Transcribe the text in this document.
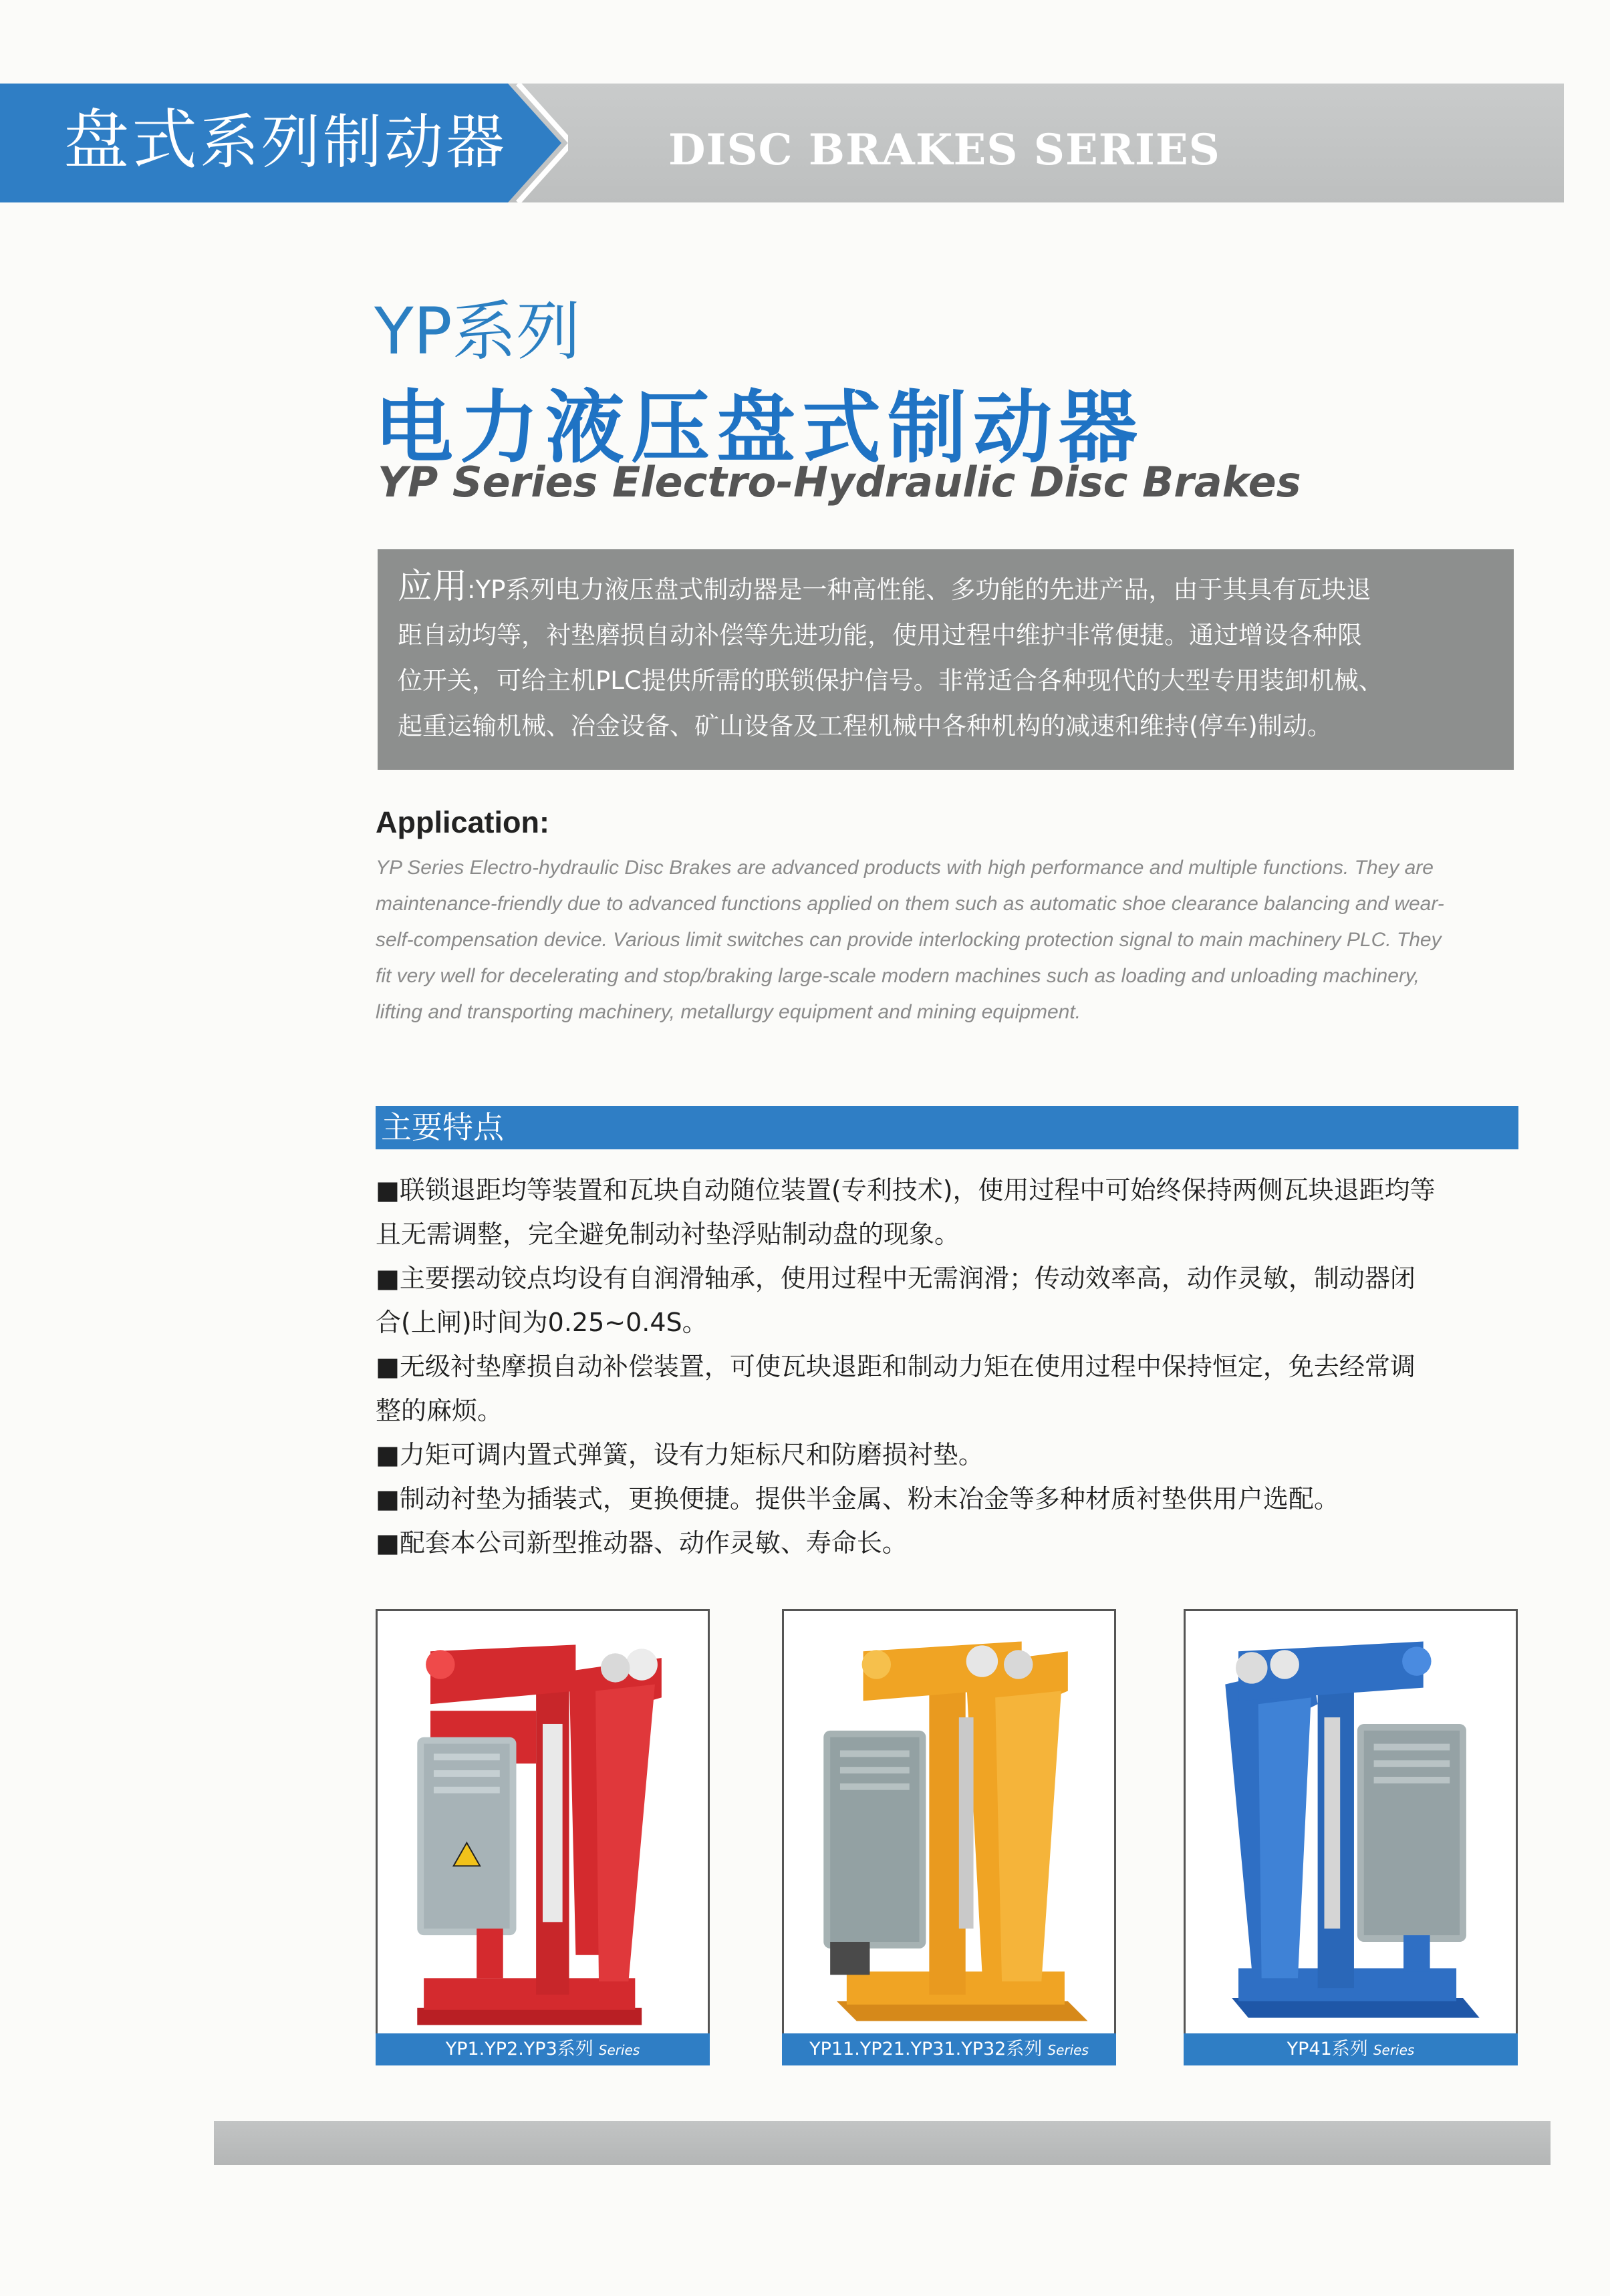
盘式系列制动器	DISC BRAKES SERIES
YP系列
电力液压盘式制动器
YP Series Electro-Hydraulic Disc Brakes

应用:YP系列电力液压盘式制动器是一种高性能、多功能的先进产品，由于其具有瓦块退

距自动均等，衬垫磨损自动补偿等先进功能，使用过程中维护非常便捷。通过增设各种限

位开关，可给主机PLC提供所需的联锁保护信号。非常适合各种现代的大型专用装卸机械、

起重运输机械、冶金设备、矿山设备及工程机械中各种机构的减速和维持(停车)制动。

Application:

YP Series Electro-hydraulic Disc Brakes are advanced products with high performance and multiple functions. They are
maintenance-friendly due to advanced functions applied on them such as automatic shoe clearance balancing and wear-
self-compensation device. Various limit switches can provide interlocking protection signal to main machinery PLC. They
fit very well for decelerating and stop/braking large-scale modern machines such as loading and unloading machinery,
lifting and transporting machinery, metallurgy equipment and mining equipment.

主要特点
■联锁退距均等装置和瓦块自动随位装置(专利技术)，使用过程中可始终保持两侧瓦块退距均等
且无需调整，完全避免制动衬垫浮贴制动盘的现象。
■主要摆动铰点均设有自润滑轴承，使用过程中无需润滑；传动效率高，动作灵敏，制动器闭
合(上闸)时间为0.25~0.4S。
■无级衬垫摩损自动补偿装置，可使瓦块退距和制动力矩在使用过程中保持恒定，免去经常调
整的麻烦。
■力矩可调内置式弹簧，设有力矩标尺和防磨损衬垫。
■制动衬垫为插装式，更换便捷。提供半金属、粉末冶金等多种材质衬垫供用户选配。
■配套本公司新型推动器、动作灵敏、寿命长。
YP1.YP2.YP3系列 Series	YP11.YP21.YP31.YP32系列 Series	YP41系列 Series
